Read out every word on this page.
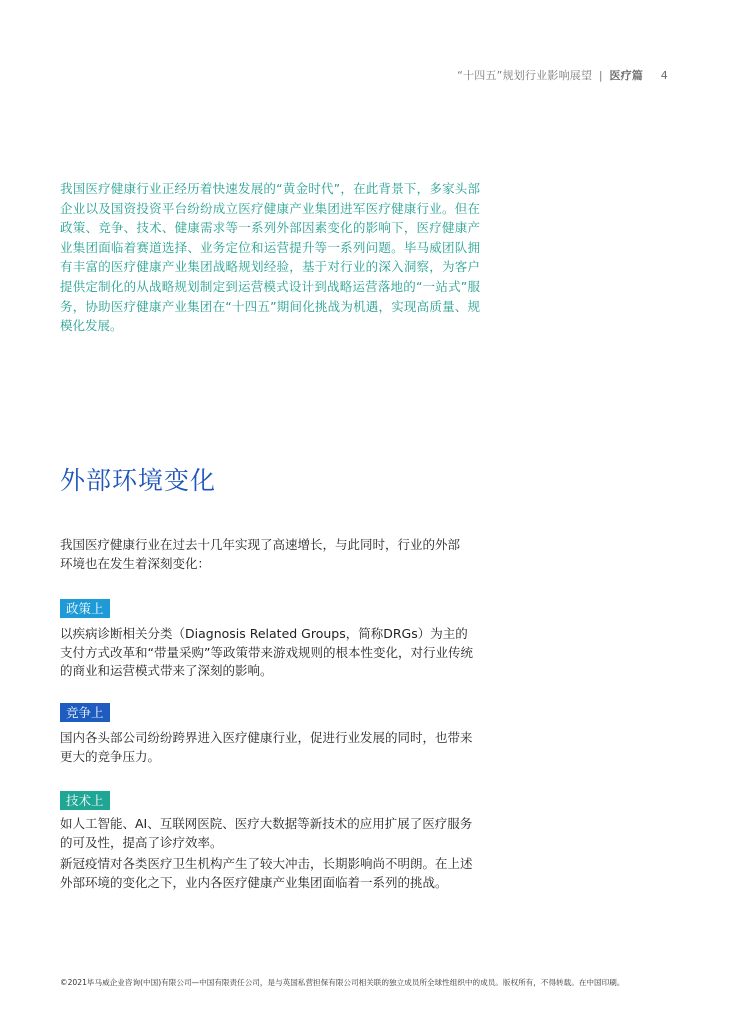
“十四五”规划行业影响展望 | 医疗篇 4
我国医疗健康行业正经历着快速发展的“黄金时代”，在此背景下，多家头部企业以及国资投资平台纷纷成立医疗健康产业集团进军医疗健康行业。但在政策、竞争、技术、健康需求等一系列外部因素变化的影响下，医疗健康产业集团面临着赛道选择、业务定位和运营提升等一系列问题。毕马威团队拥有丰富的医疗健康产业集团战略规划经验，基于对行业的深入洞察，为客户提供定制化的从战略规划制定到运营模式设计到战略运营落地的“一站式”服务，协助医疗健康产业集团在“十四五”期间化挑战为机遇，实现高质量、规模化发展。
外部环境变化
我国医疗健康行业在过去十几年实现了高速增长，与此同时，行业的外部环境也在发生着深刻变化：
政策上
以疾病诊断相关分类（Diagnosis Related Groups，简称DRGs）为主的支付方式改革和“带量采购”等政策带来游戏规则的根本性变化，对行业传统的商业和运营模式带来了深刻的影响。
竞争上
国内各头部公司纷纷跨界进入医疗健康行业，促进行业发展的同时，也带来更大的竞争压力。
技术上
如人工智能、AI、互联网医院、医疗大数据等新技术的应用扩展了医疗服务的可及性，提高了诊疗效率。
新冠疫情对各类医疗卫生机构产生了较大冲击，长期影响尚不明朗。在上述外部环境的变化之下，业内各医疗健康产业集团面临着一系列的挑战。
©2021毕马威企业咨询(中国)有限公司—中国有限责任公司，是与英国私营担保有限公司相关联的独立成员所全球性组织中的成员。版权所有，不得转载。在中国印刷。
